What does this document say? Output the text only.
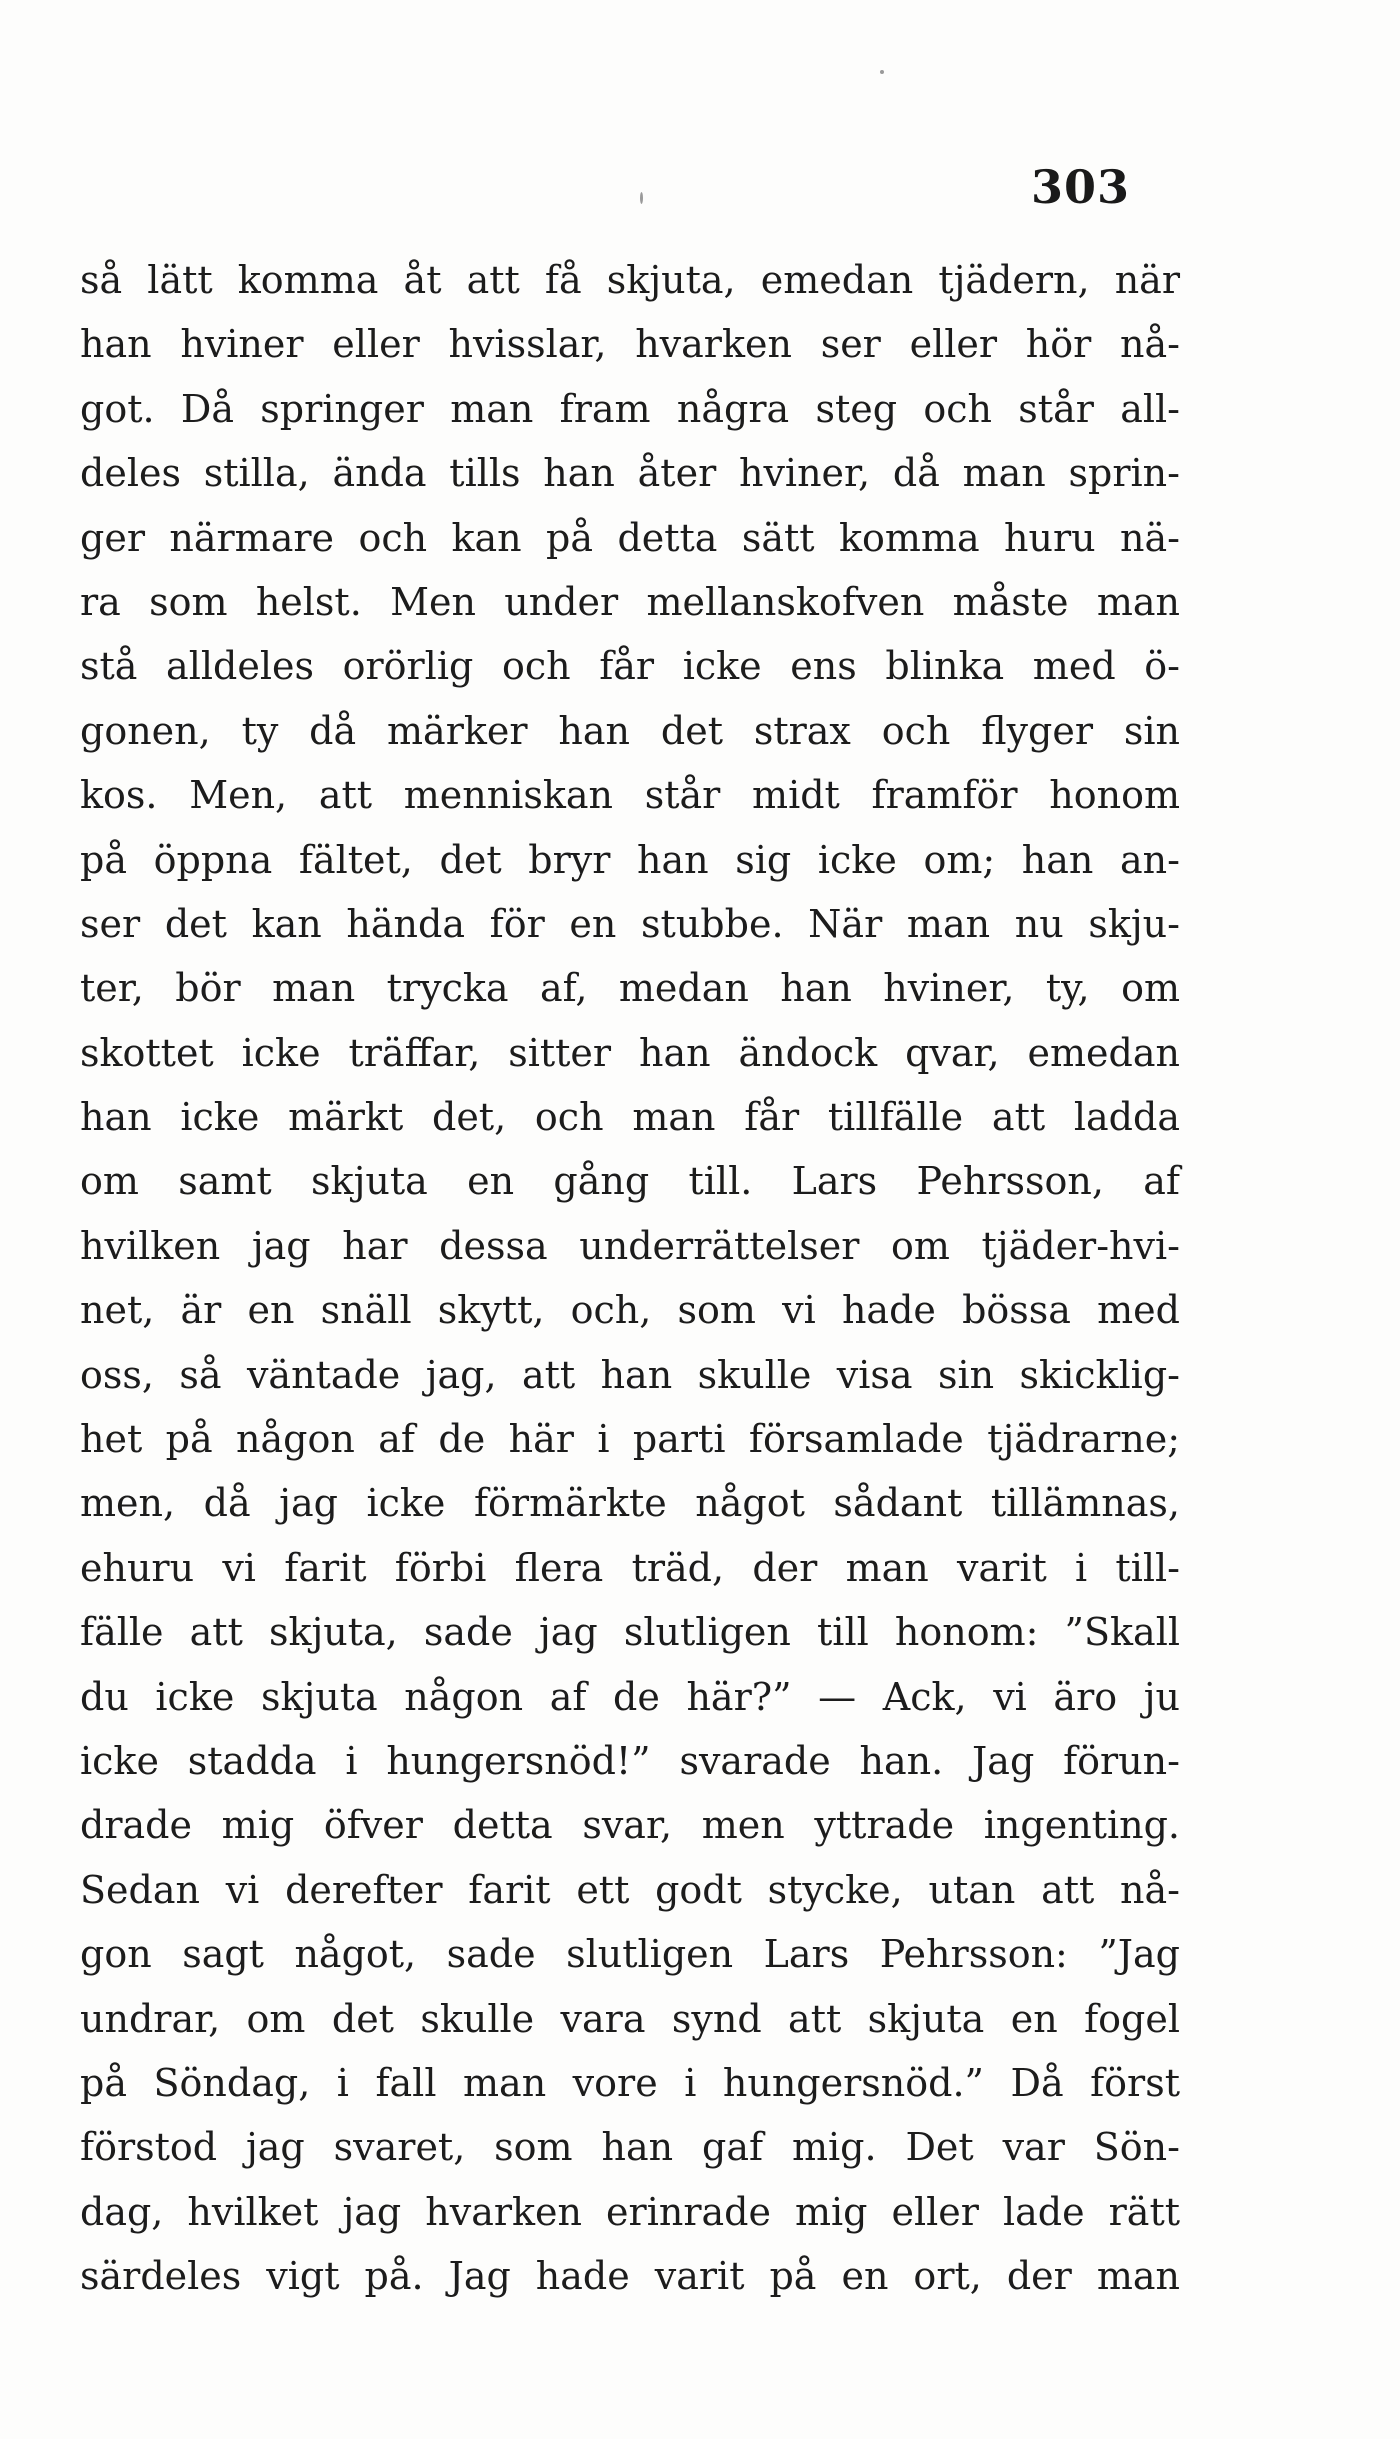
303
så lätt komma åt att få skjuta, emedan tjädern, när
han hviner eller hvisslar, hvarken ser eller hör nå-
got. Då springer man fram några steg och står all-
deles stilla, ända tills han åter hviner, då man sprin-
ger närmare och kan på detta sätt komma huru nä-
ra som helst. Men under mellanskofven måste man
stå alldeles orörlig och får icke ens blinka med ö-
gonen, ty då märker han det strax och flyger sin
kos. Men, att menniskan står midt framför honom
på öppna fältet, det bryr han sig icke om; han an-
ser det kan hända för en stubbe. När man nu skju-
ter, bör man trycka af, medan han hviner, ty, om
skottet icke träffar, sitter han ändock qvar, emedan
han icke märkt det, och man får tillfälle att ladda
om samt skjuta en gång till. Lars Pehrsson, af
hvilken jag har dessa underrättelser om tjäder-hvi-
net, är en snäll skytt, och, som vi hade bössa med
oss, så väntade jag, att han skulle visa sin skicklig-
het på någon af de här i parti församlade tjädrarne;
men, då jag icke förmärkte något sådant tillämnas,
ehuru vi farit förbi flera träd, der man varit i till-
fälle att skjuta, sade jag slutligen till honom: ”Skall
du icke skjuta någon af de här?” — Ack, vi äro ju
icke stadda i hungersnöd!” svarade han. Jag förun-
drade mig öfver detta svar, men yttrade ingenting.
Sedan vi derefter farit ett godt stycke, utan att nå-
gon sagt något, sade slutligen Lars Pehrsson: ”Jag
undrar, om det skulle vara synd att skjuta en fogel
på Söndag, i fall man vore i hungersnöd.” Då först
förstod jag svaret, som han gaf mig. Det var Sön-
dag, hvilket jag hvarken erinrade mig eller lade rätt
särdeles vigt på. Jag hade varit på en ort, der man
